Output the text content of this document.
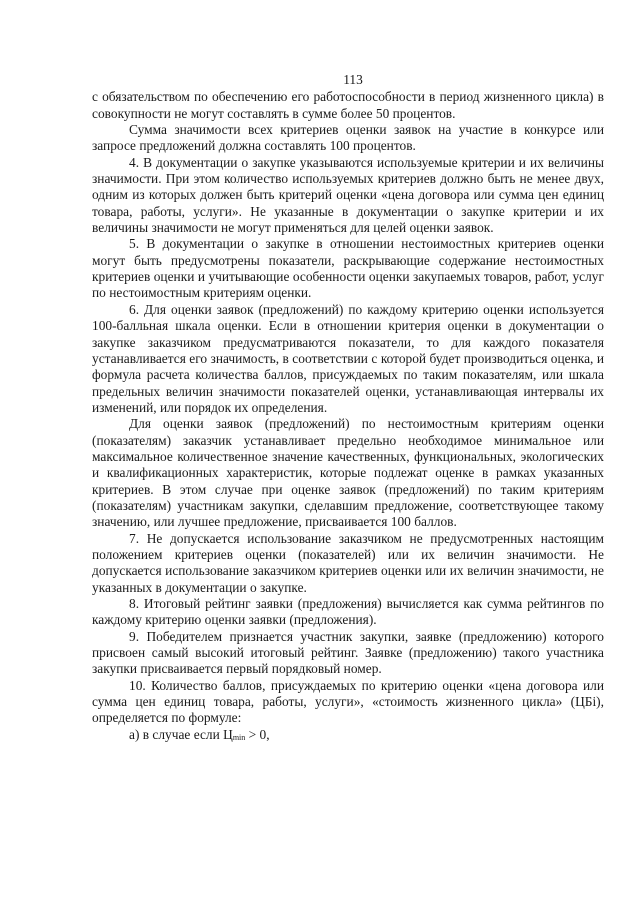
113

с обязательством по обеспечению его работоспособности в период жизненного цикла) в совокупности не могут составлять в сумме более 50 процентов.

Сумма значимости всех критериев оценки заявок на участие в конкурсе или запросе предложений должна составлять 100 процентов.

4. В документации о закупке указываются используемые критерии и их величины значимости. При этом количество используемых критериев должно быть не менее двух, одним из которых должен быть критерий оценки «цена договора или сумма цен единиц товара, работы, услуги». Не указанные в документации о закупке критерии и их величины значимости не могут применяться для целей оценки заявок.

5. В документации о закупке в отношении нестоимостных критериев оценки могут быть предусмотрены показатели, раскрывающие содержание нестоимостных критериев оценки и учитывающие особенности оценки закупаемых товаров, работ, услуг по нестоимостным критериям оценки.

6. Для оценки заявок (предложений) по каждому критерию оценки используется 100-балльная шкала оценки. Если в отношении критерия оценки в документации о закупке заказчиком предусматриваются показатели, то для каждого показателя устанавливается его значимость, в соответствии с которой будет производиться оценка, и формула расчета количества баллов, присуждаемых по таким показателям, или шкала предельных величин значимости показателей оценки, устанавливающая интервалы их изменений, или порядок их определения.

Для оценки заявок (предложений) по нестоимостным критериям оценки (показателям) заказчик устанавливает предельно необходимое минимальное или максимальное количественное значение качественных, функциональных, экологических и квалификационных характеристик, которые подлежат оценке в рамках указанных критериев. В этом случае при оценке заявок (предложений) по таким критериям (показателям) участникам закупки, сделавшим предложение, соответствующее такому значению, или лучшее предложение, присваивается 100 баллов.

7. Не допускается использование заказчиком не предусмотренных настоящим положением критериев оценки (показателей) или их величин значимости. Не допускается использование заказчиком критериев оценки или их величин значимости, не указанных в документации о закупке.

8. Итоговый рейтинг заявки (предложения) вычисляется как сумма рейтингов по каждому критерию оценки заявки (предложения).

9. Победителем признается участник закупки, заявке (предложению) которого присвоен самый высокий итоговый рейтинг. Заявке (предложению) такого участника закупки присваивается первый порядковый номер.

10. Количество баллов, присуждаемых по критерию оценки «цена договора или сумма цен единиц товара, работы, услуги», «стоимость жизненного цикла» (ЦБi), определяется по формуле:

а) в случае если Цmin > 0,
